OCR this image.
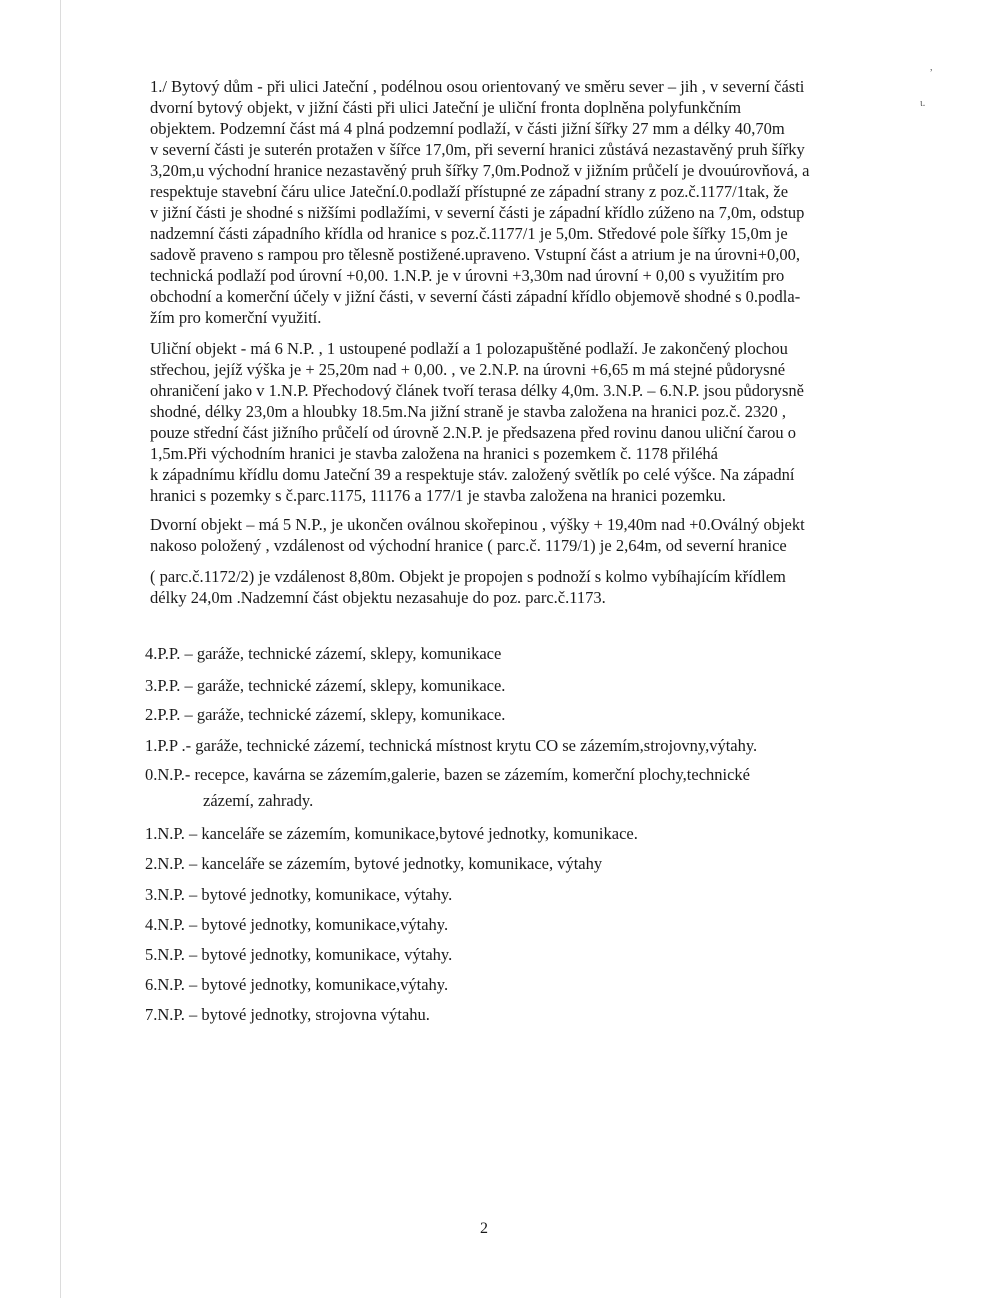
,
ι.
1./ Bytový dům - při ulici Jateční , podélnou osou orientovaný ve směru sever – jih , v severní části
dvorní bytový objekt, v jižní části při ulici Jateční je uliční fronta doplněna polyfunkčním
objektem. Podzemní část má 4 plná podzemní podlaží, v části jižní šířky 27 mm a délky 40,70m
v severní části je suterén protažen v šířce 17,0m, při severní hranici zůstává nezastavěný pruh šířky
3,20m,u východní hranice nezastavěný pruh šířky 7,0m.Podnož v jižním průčelí je dvouúrovňová, a
respektuje stavební čáru ulice Jateční.0.podlaží přístupné ze západní strany z poz.č.1177/1tak, že
v jižní části je shodné s nižšími podlažími, v severní části je západní křídlo zúženo na 7,0m, odstup
nadzemní části západního křídla od hranice s poz.č.1177/1 je 5,0m. Středové pole šířky 15,0m je
sadově praveno s rampou pro tělesně postižené.upraveno. Vstupní část a atrium je na úrovni+0,00,
technická podlaží pod úrovní +0,00. 1.N.P. je v úrovni +3,30m nad úrovní + 0,00 s využitím pro
obchodní a komerční účely v jižní části, v severní části západní křídlo objemově shodné s 0.podla-
žím pro komerční využití.
Uliční objekt - má 6 N.P. , 1 ustoupené podlaží a 1 polozapuštěné podlaží. Je zakončený plochou
střechou, jejíž výška je + 25,20m nad + 0,00. , ve 2.N.P. na úrovni +6,65 m má stejné půdorysné
ohraničení jako v 1.N.P. Přechodový článek tvoří terasa délky 4,0m. 3.N.P. – 6.N.P. jsou půdorysně
shodné, délky 23,0m a hloubky 18.5m.Na jižní straně je stavba založena na hranici poz.č. 2320 ,
pouze střední část jižního průčelí od úrovně 2.N.P. je předsazena před rovinu danou uliční čarou o
1,5m.Při východním hranici je stavba založena na hranici s pozemkem č. 1178 přiléhá
k západnímu křídlu domu Jateční 39 a respektuje stáv. založený světlík po celé výšce. Na západní
hranici s pozemky s č.parc.1175, 11176 a 177/1 je stavba založena na hranici pozemku.
Dvorní objekt – má 5 N.P., je ukončen oválnou skořepinou , výšky + 19,40m nad +0.Oválný objekt
nakoso položený , vzdálenost od východní hranice ( parc.č. 1179/1) je 2,64m, od severní hranice
( parc.č.1172/2) je vzdálenost 8,80m. Objekt je propojen s podnoží s kolmo vybíhajícím křídlem
délky 24,0m .Nadzemní část objektu nezasahuje do poz. parc.č.1173.
4.P.P. – garáže, technické zázemí, sklepy, komunikace
3.P.P. – garáže, technické zázemí, sklepy, komunikace.
2.P.P. – garáže, technické zázemí, sklepy, komunikace.
1.P.P .- garáže, technické zázemí, technická místnost krytu CO se zázemím,strojovny,výtahy.
0.N.P.- recepce, kavárna se zázemím,galerie, bazen se zázemím, komerční plochy,technické
zázemí, zahrady.
1.N.P. – kanceláře se zázemím, komunikace,bytové jednotky, komunikace.
2.N.P. – kanceláře se zázemím, bytové jednotky, komunikace, výtahy
3.N.P. – bytové jednotky, komunikace, výtahy.
4.N.P. – bytové jednotky, komunikace,výtahy.
5.N.P. – bytové jednotky, komunikace, výtahy.
6.N.P. – bytové jednotky, komunikace,výtahy.
7.N.P. – bytové jednotky, strojovna výtahu.
2
